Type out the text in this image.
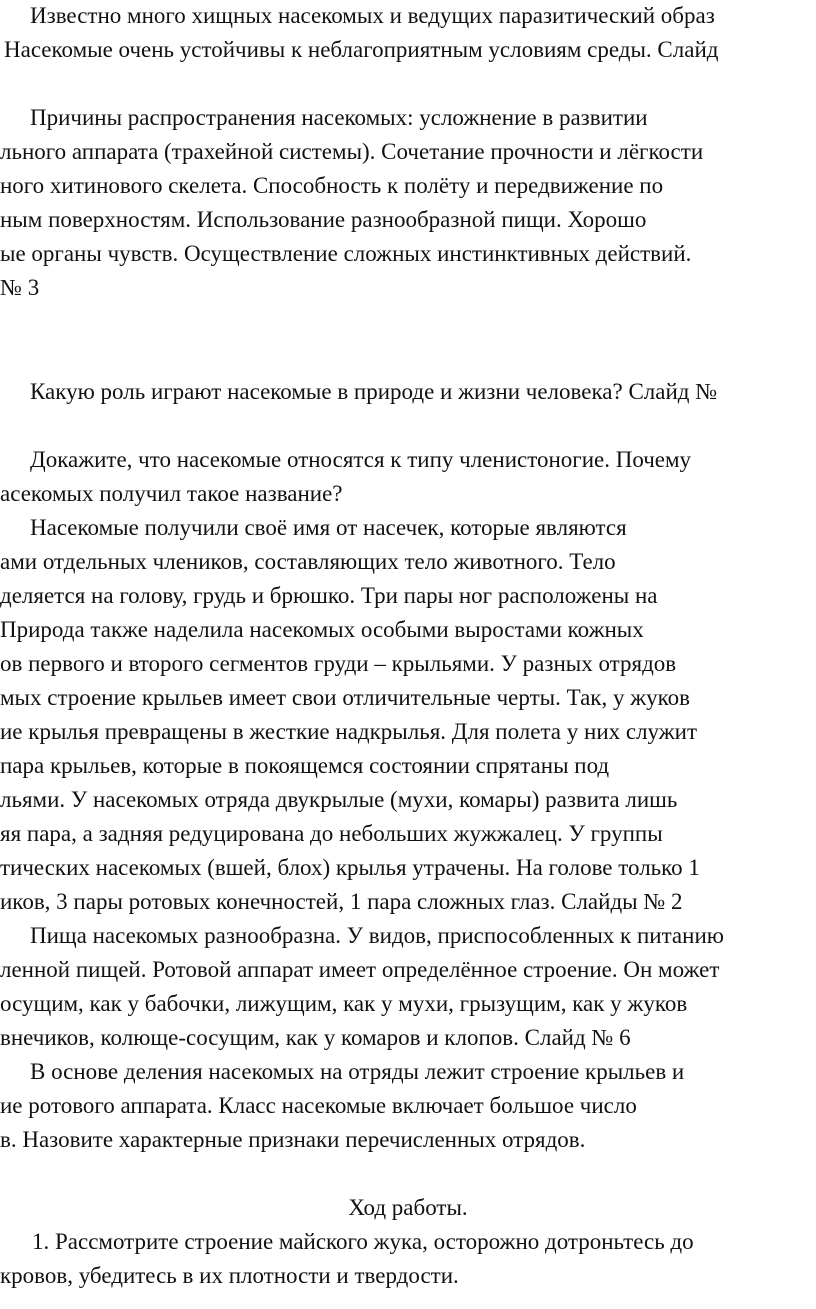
Известно много хищных насекомых и ведущих паразитический образ
Насекомые очень устойчивы к неблагоприятным условиям среды. Слайд
Причины распространения насекомых: усложнение в развитии
льного аппарата (трахейной системы). Сочетание прочности и лёгкости
ного хитинового скелета. Способность к полёту и передвижение по
ным поверхностям. Использование разнообразной пищи. Хорошо
ые органы чувств. Осуществление сложных инстинктивных действий.
№ 3
Какую роль играют насекомые в природе и жизни человека? Слайд №
Докажите, что насекомые относятся к типу членистоногие. Почему
асекомых получил такое название?
Насекомые получили своё имя от насечек, которые являются
ами отдельных члеников, составляющих тело животного. Тело
деляется на голову, грудь и брюшко. Три пары ног расположены на
Природа также наделила насекомых особыми выростами кожных
ов первого и второго сегментов груди – крыльями. У разных отрядов
мых строение крыльев имеет свои отличительные черты. Так, у жуков
ие крылья превращены в жесткие надкрылья. Для полета у них служит
пара крыльев, которые в покоящемся состоянии спрятаны под
льями. У насекомых отряда двукрылые (мухи, комары) развита лишь
яя пара, а задняя редуцирована до небольших жужжалец. У группы
тических насекомых (вшей, блох) крылья утрачены. На голове только 1
иков, 3 пары ротовых конечностей, 1 пара сложных глаз. Слайды № 2
Пища насекомых разнообразна. У видов, приспособленных к питанию
ленной пищей. Ротовой аппарат имеет определённое строение. Он может
осущим, как у бабочки, лижущим, как у мухи, грызущим, как у жуков
внечиков, колюще-сосущим, как у комаров и клопов. Слайд № 6
В основе деления насекомых на отряды лежит строение крыльев и
ие ротового аппарата. Класс насекомые включает большое число
в. Назовите характерные признаки перечисленных отрядов.
Ход работы.
1. Рассмотрите строение майского жука, осторожно дотроньтесь до
кровов, убедитесь в их плотности и твердости.
